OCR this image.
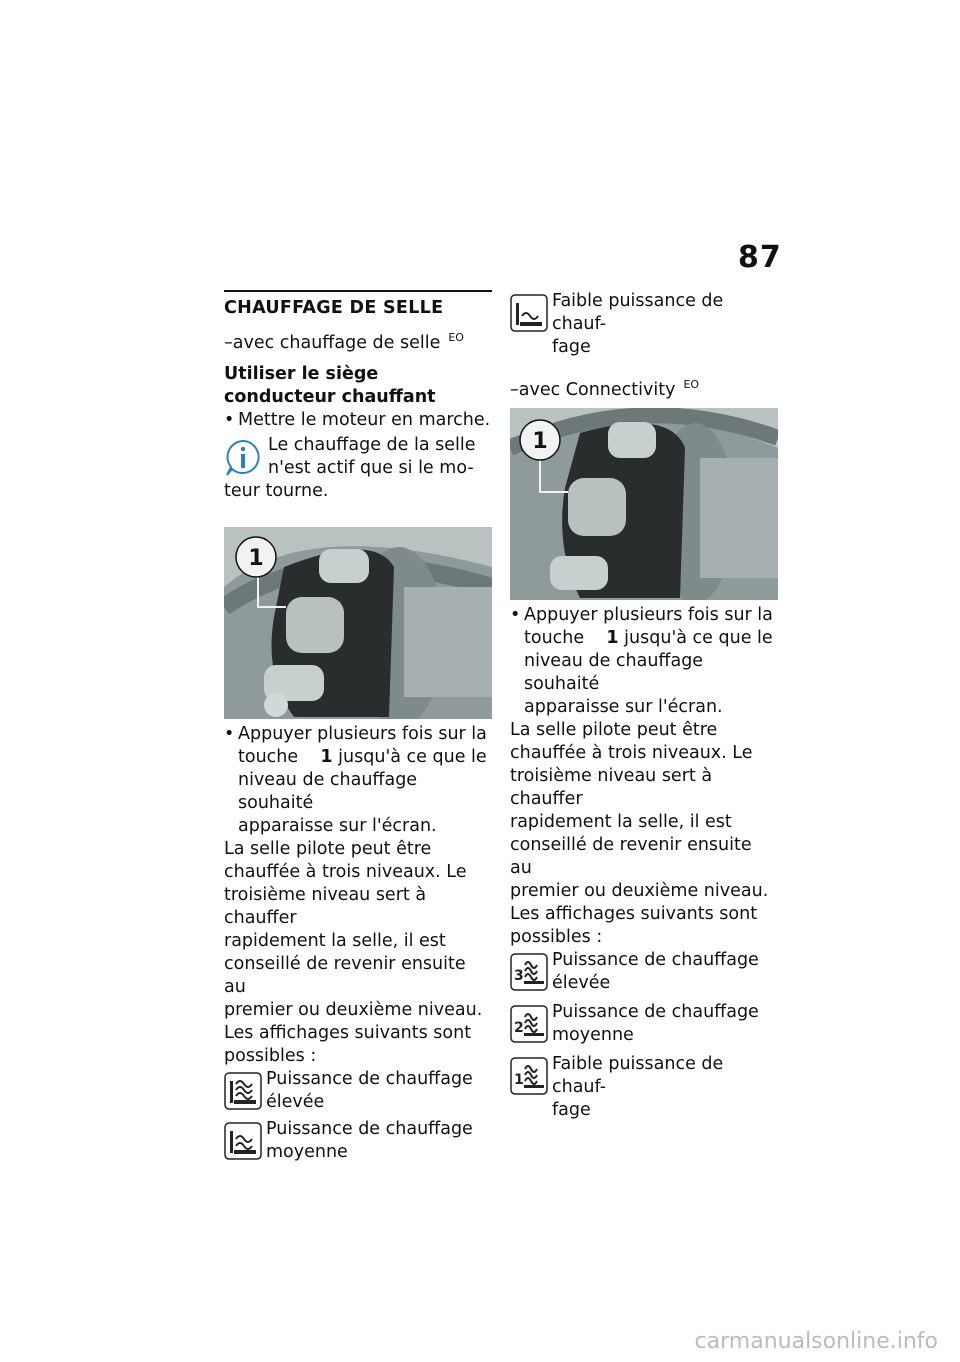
87
CHAUFFAGE DE SELLE
–avec chauffage de selle $^{EO}$
Utiliser le siège conducteur chauffant
• Mettre le moteur en marche.
Le chauffage de la selle
n'est actif que si le mo-
teur tourne.
1
• Appuyer plusieurs fois sur la
touche 1 jusqu'à ce que le
niveau de chauffage souhaité
apparaisse sur l'écran.
La selle pilote peut être
chauffée à trois niveaux. Le
troisième niveau sert à chauffer
rapidement la selle, il est
conseillé de revenir ensuite au
premier ou deuxième niveau.
Les affichages suivants sont
possibles :
Puissance de chauffage
élevée
Puissance de chauffage
moyenne
Faible puissance de chauf-
fage
–avec Connectivity $^{EO}$
1
• Appuyer plusieurs fois sur la
touche 1 jusqu'à ce que le
niveau de chauffage souhaité
apparaisse sur l'écran.
La selle pilote peut être
chauffée à trois niveaux. Le
troisième niveau sert à chauffer
rapidement la selle, il est
conseillé de revenir ensuite au
premier ou deuxième niveau.
Les affichages suivants sont
possibles :
3
Puissance de chauffage
élevée
2
Puissance de chauffage
moyenne
1
Faible puissance de chauf-
fage
carmanualsonline.info
